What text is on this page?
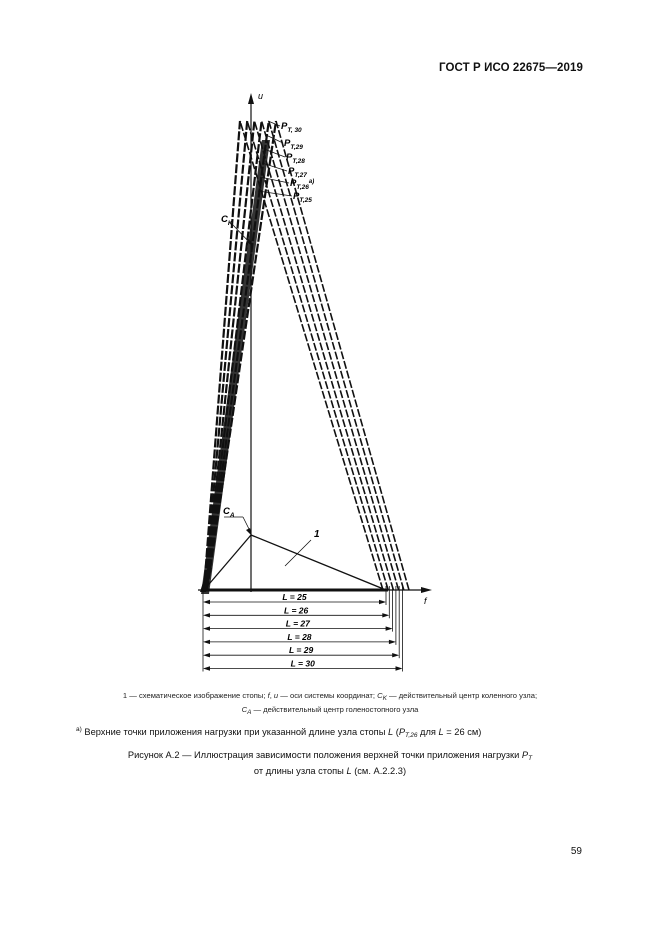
ГОСТ Р ИСО 22675—2019
u
f
L = 25
L = 26
L = 27
L = 28
L = 29
L = 30
$C_K$
$C_A$
1
$P_{T, 30}$
$P_{T,29}$
$P_{T,28}$
$P_{T,27}$
$P_{T,26}^{а)}$
$P_{T,25}$
1 — схематическое изображение стопы; f, u — оси системы координат; CK — действительный центр коленного узла;
CA — действительный центр голеностопного узла
$^{а)}$ Верхние точки приложения нагрузки при указанной длине узла стопы L ($P_{T,26}$ для L = 26 см)
Рисунок А.2 — Иллюстрация зависимости положения верхней точки приложения нагрузки $P_T$
от длины узла стопы L (см. А.2.2.3)
59
